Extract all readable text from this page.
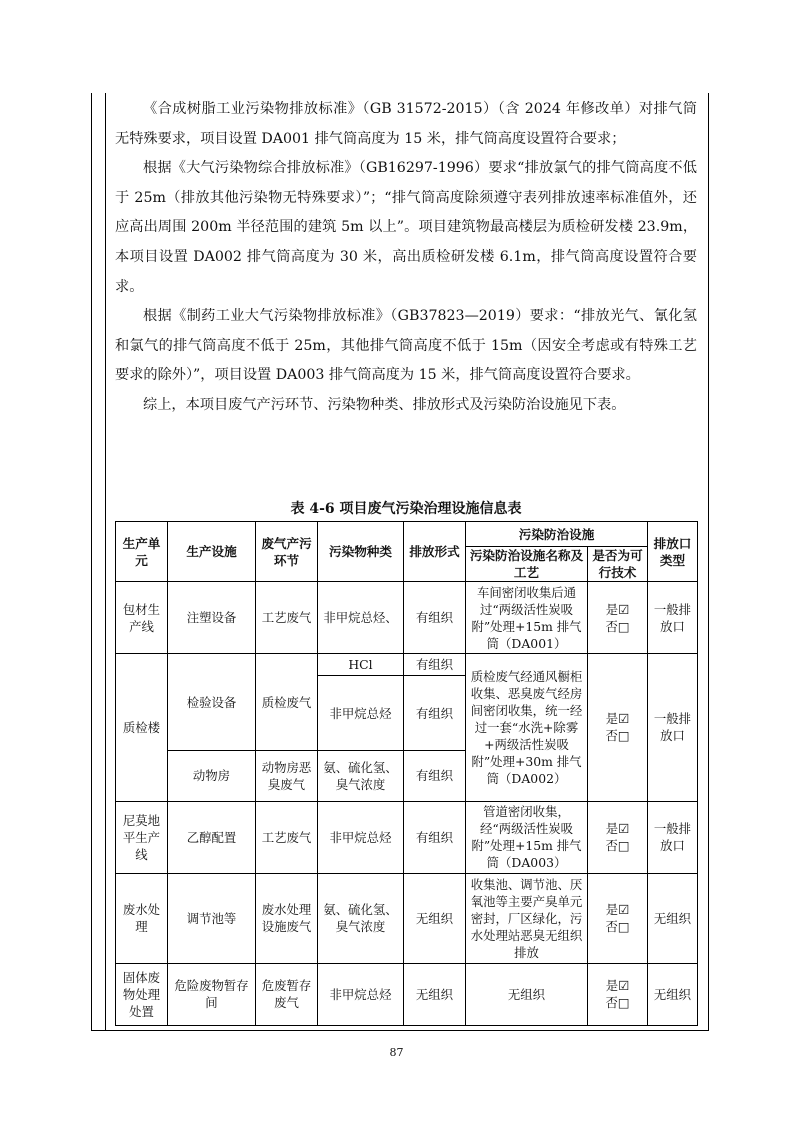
《合成树脂工业污染物排放标准》（GB 31572-2015）（含 2024 年修改单）对排气筒无特殊要求，项目设置 DA001 排气筒高度为 15 米，排气筒高度设置符合要求；

根据《大气污染物综合排放标准》（GB16297-1996）要求“排放氯气的排气筒高度不低于 25m（排放其他污染物无特殊要求）”；“排气筒高度除须遵守表列排放速率标准值外，还应高出周围 200m 半径范围的建筑 5m 以上”。项目建筑物最高楼层为质检研发楼 23.9m，本项目设置 DA002 排气筒高度为 30 米，高出质检研发楼 6.1m，排气筒高度设置符合要求。

根据《制药工业大气污染物排放标准》（GB37823—2019）要求：“排放光气、氰化氢和氯气的排气筒高度不低于 25m，其他排气筒高度不低于 15m（因安全考虑或有特殊工艺要求的除外）”，项目设置 DA003 排气筒高度为 15 米，排气筒高度设置符合要求。

综上，本项目废气产污环节、污染物种类、排放形式及污染防治设施见下表。

表 4-6 项目废气污染治理设施信息表
生产单元	生产设施	废气产污环节	污染物种类	排放形式	污染防治设施		排放口类型
					污染防治设施名称及工艺	是否为可行技术	
包材生产线	注塑设备	工艺废气	非甲烷总烃、	有组织	车间密闭收集后通过“两级活性炭吸附”处理+15m 排气筒（DA001）	是☑
否□	一般排放口
质检楼	检验设备	质检废气	HCl	有组织	质检废气经通风橱柜收集、恶臭废气经房间密闭收集，统一经过一套“水洗+除雾+两级活性炭吸附”处理+30m 排气筒（DA002）	是☑
否□	一般排放口
			非甲烷总烃	有组织			
	动物房	动物房恶臭废气	氨、硫化氢、臭气浓度	有组织			
尼莫地平生产线	乙醇配置	工艺废气	非甲烷总烃	有组织	管道密闭收集，经“两级活性炭吸附”处理+15m 排气筒（DA003）	是☑
否□	一般排放口
废水处理	调节池等	废水处理设施废气	氨、硫化氢、臭气浓度	无组织	收集池、调节池、厌氧池等主要产臭单元密封，厂区绿化，污水处理站恶臭无组织排放	是☑
否□	无组织
固体废物处理处置	危险废物暂存间	危废暂存废气	非甲烷总烃	无组织	无组织	是☑
否□	无组织
87
